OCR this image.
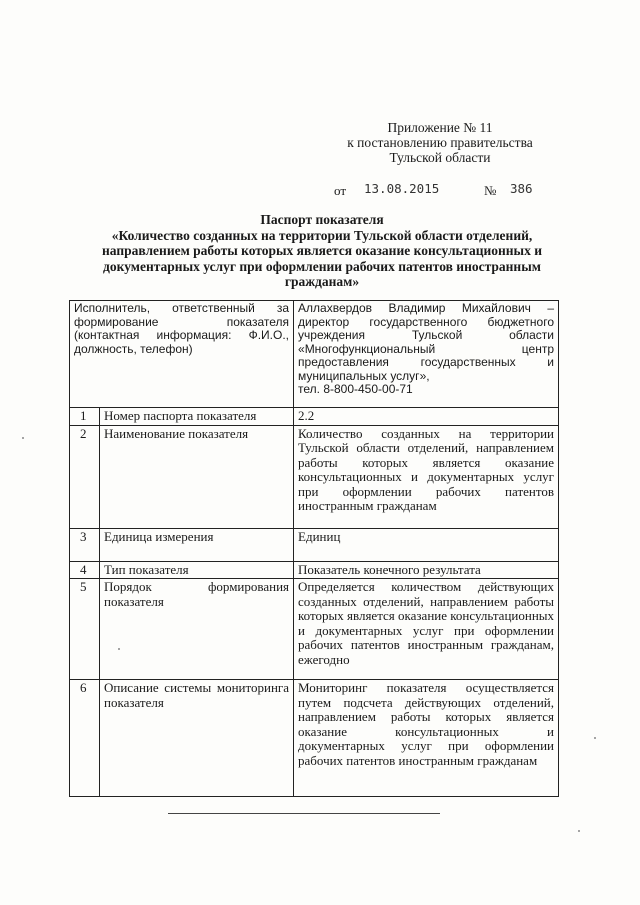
Приложение № 11
к постановлению правительства
Тульской области
от 13.08.2015	№ 386
Паспорт показателя
«Количество созданных на территории Тульской области отделений,
направлением работы которых является оказание консультационных и
документарных услуг при оформлении рабочих патентов иностранным
гражданам»
Исполнитель, ответственный за формирование показателя (контактная информация: Ф.И.О., должность, телефон)		Аллахвердов Владимир Михайлович – директор государственного бюджетного учреждения Тульской области «Многофункциональный центр предоставления государственных и муниципальных услуг»,
тел. 8-800-450-00-71
1	Номер паспорта показателя	2.2
2	Наименование показателя	Количество созданных на территории Тульской области отделений, направлением работы которых является оказание консультационных и документарных услуг при оформлении рабочих патентов иностранным гражданам
3	Единица измерения	Единиц
4	Тип показателя	Показатель конечного результата
5	Порядок формирования показателя	Определяется количеством действующих созданных отделений, направлением работы которых является оказание консультационных и документарных услуг при оформлении рабочих патентов иностранным гражданам, ежегодно
6	Описание системы мониторинга показателя	Мониторинг показателя осуществляется путем подсчета действующих отделений, направлением работы которых является оказание консультационных и документарных услуг при оформлении рабочих патентов иностранным гражданам
